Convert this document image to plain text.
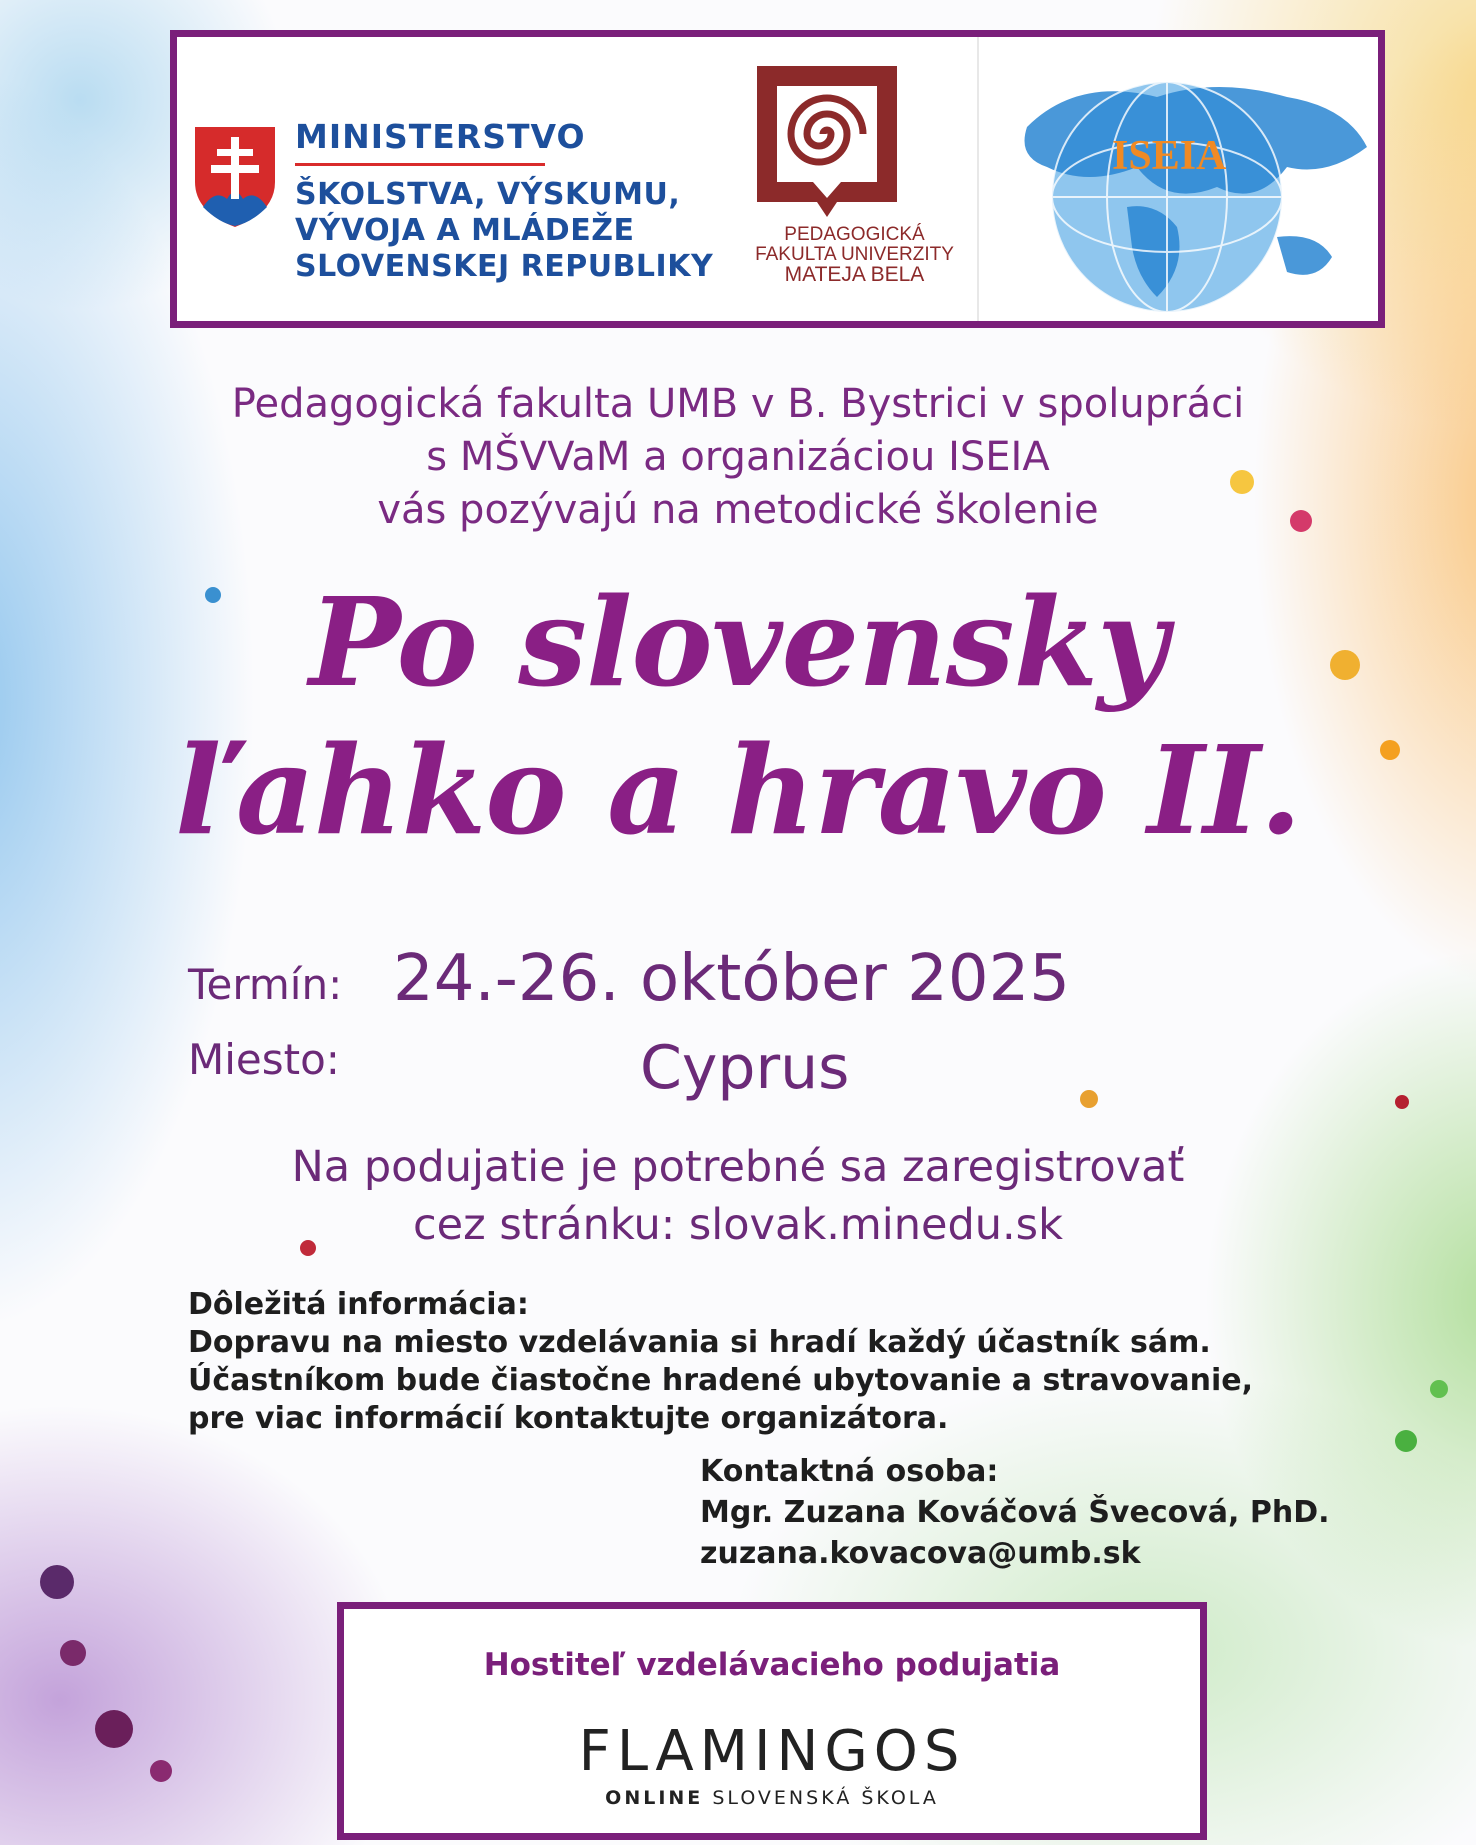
MINISTERSTVO
ŠKOLSTVA, VÝSKUMU,
VÝVOJA A MLÁDEŽE
SLOVENSKEJ REPUBLIKY
PEDAGOGICKÁ
FAKULTA UNIVERZITY
MATEJA BELA
ISEIA
Pedagogická fakulta UMB v B. Bystrici v spolupráci
s MŠVVaM a organizáciou ISEIA
vás pozývajú na metodické školenie
Po slovensky
ľahko a hravo II.
Termín: 24.-26. október 2025
Miesto:	Cyprus
Na podujatie je potrebné sa zaregistrovať
cez stránku: slovak.minedu.sk
Dôležitá informácia:
Dopravu na miesto vzdelávania si hradí každý účastník sám.
Účastníkom bude čiastočne hradené ubytovanie a stravovanie,
pre viac informácií kontaktujte organizátora.
Kontaktná osoba:
Mgr. Zuzana Kováčová Švecová, PhD.
zuzana.kovacova@umb.sk
Hostiteľ vzdelávacieho podujatia
FLAMINGOS
ONLINE SLOVENSKÁ ŠKOLA
